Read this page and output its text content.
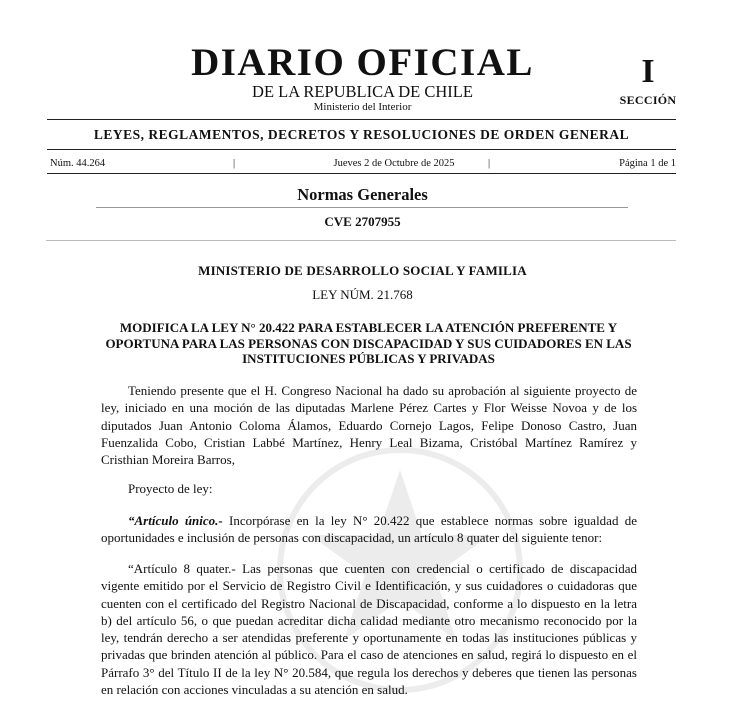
DIARIO OFICIAL
DE LA REPUBLICA DE CHILE
Ministerio del Interior
I
SECCIÓN
LEYES, REGLAMENTOS, DECRETOS Y RESOLUCIONES DE ORDEN GENERAL
Núm. 44.264	|	Jueves 2 de Octubre de 2025	|	Página 1 de 1
Normas Generales
CVE 2707955
MINISTERIO DE DESARROLLO SOCIAL Y FAMILIA
LEY NÚM. 21.768
MODIFICA LA LEY N° 20.422 PARA ESTABLECER LA ATENCIÓN PREFERENTE Y OPORTUNA PARA LAS PERSONAS CON DISCAPACIDAD Y SUS CUIDADORES EN LAS INSTITUCIONES PÚBLICAS Y PRIVADAS

Teniendo presente que el H. Congreso Nacional ha dado su aprobación al siguiente proyecto de ley, iniciado en una moción de las diputadas Marlene Pérez Cartes y Flor Weisse Novoa y de los diputados Juan Antonio Coloma Álamos, Eduardo Cornejo Lagos, Felipe Donoso Castro, Juan Fuenzalida Cobo, Cristian Labbé Martínez, Henry Leal Bizama, Cristóbal Martínez Ramírez y Cristhian Moreira Barros,

Proyecto de ley:

“Artículo único.- Incorpórase en la ley N° 20.422 que establece normas sobre igualdad de oportunidades e inclusión de personas con discapacidad, un artículo 8 quater del siguiente tenor:

“Artículo 8 quater.- Las personas que cuenten con credencial o certificado de discapacidad vigente emitido por el Servicio de Registro Civil e Identificación, y sus cuidadores o cuidadoras que cuenten con el certificado del Registro Nacional de Discapacidad, conforme a lo dispuesto en la letra b) del artículo 56, o que puedan acreditar dicha calidad mediante otro mecanismo reconocido por la ley, tendrán derecho a ser atendidas preferente y oportunamente en todas las instituciones públicas y privadas que brinden atención al público. Para el caso de atenciones en salud, regirá lo dispuesto en el Párrafo 3° del Título II de la ley N° 20.584, que regula los derechos y deberes que tienen las personas en relación con acciones vinculadas a su atención en salud.
